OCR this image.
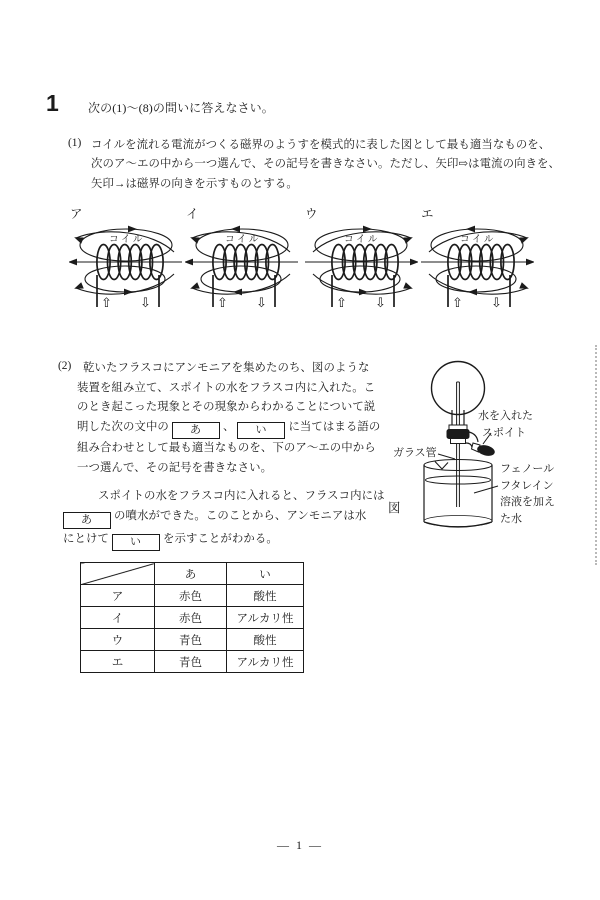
1 次の(1)～(8)の問いに答えなさい。
(1) コイルを流れる電流がつくる磁界のようすを模式的に表した図として最も適当なものを、
次のア～エの中から一つ選んで、その記号を書きなさい。ただし、矢印⇨は電流の向きを、
矢印→は磁界の向きを示すものとする。
ア
⇧ ⇩
コイル
イ
⇧ ⇩
コイル
ウ
⇧ ⇩
コイル
エ
⇧ ⇩
コイル
(2)	乾いたフラスコにアンモニアを集めたのち、図のような
装置を組み立て、スポイトの水をフラスコ内に入れた。こ
のとき起こった現象とその現象からわかることについて説
明した次の文中の あ 、 い に当てはまる語の
組み合わせとして最も適当なものを、下のア～エの中から
一つ選んで、その記号を書きなさい。
スポイトの水をフラスコ内に入れると、フラスコ内には
あ の噴水ができた。このことから、アンモニアは水
にとけて い を示すことがわかる。
	あ	い
ア	赤色	酸性
イ	赤色	アルカリ性
ウ	青色	酸性
エ	青色	アルカリ性
水を入れた
スポイト
ガラス管
フェノール
フタレイン
溶液を加え
た水
図
— 1 —
